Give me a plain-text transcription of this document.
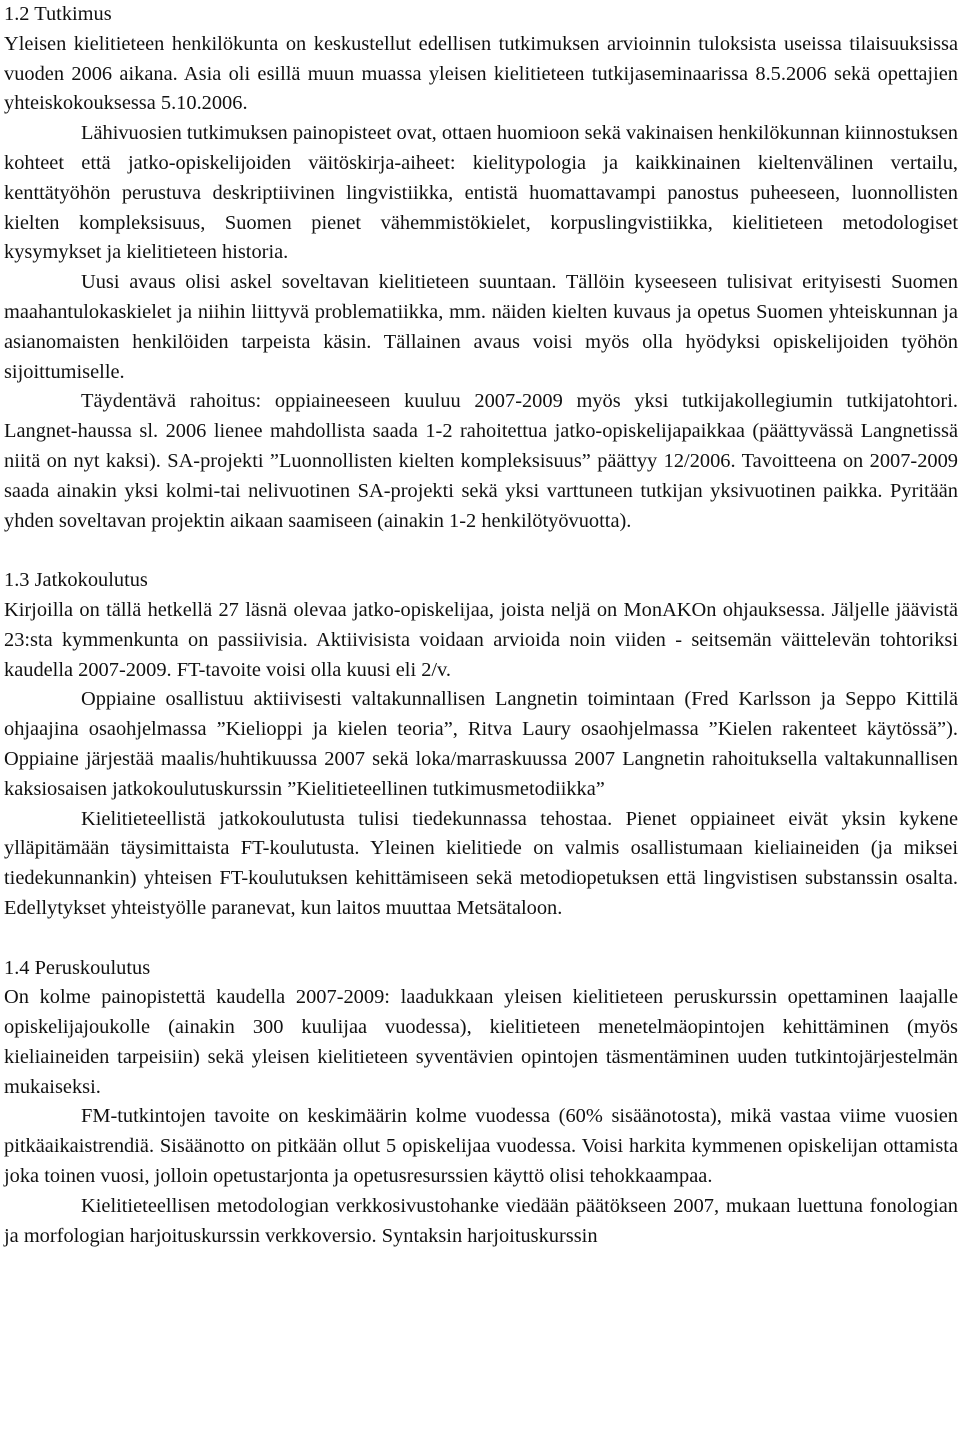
1.2 Tutkimus

Yleisen kielitieteen henkilökunta on keskustellut edellisen tutkimuksen arvioinnin tuloksista useissa tilaisuuksissa vuoden 2006 aikana. Asia oli esillä muun muassa yleisen kielitieteen tutkijaseminaarissa 8.5.2006 sekä opettajien yhteiskokouksessa 5.10.2006.

Lähivuosien tutkimuksen painopisteet ovat, ottaen huomioon sekä vakinaisen henkilökunnan kiinnostuksen kohteet että jatko-opiskelijoiden väitöskirja-aiheet: kielitypologia ja kaikkinainen kieltenvälinen vertailu, kenttätyöhön perustuva deskriptiivinen lingvistiikka, entistä huomattavampi panostus puheeseen, luonnollisten kielten kompleksisuus, Suomen pienet vähemmistökielet, korpuslingvistiikka, kielitieteen metodologiset kysymykset ja kielitieteen historia.

Uusi avaus olisi askel soveltavan kielitieteen suuntaan. Tällöin kyseeseen tulisivat erityisesti Suomen maahantulokaskielet ja niihin liittyvä problematiikka, mm. näiden kielten kuvaus ja opetus Suomen yhteiskunnan ja asianomaisten henkilöiden tarpeista käsin. Tällainen avaus voisi myös olla hyödyksi opiskelijoiden työhön sijoittumiselle.

Täydentävä rahoitus: oppiaineeseen kuuluu 2007-2009 myös yksi tutkijakollegiumin tutkijatohtori. Langnet-haussa sl. 2006 lienee mahdollista saada 1-2 rahoitettua jatko-opiskelijapaikkaa (päättyvässä Langnetissä niitä on nyt kaksi). SA-projekti ”Luonnollisten kielten kompleksisuus” päättyy 12/2006. Tavoitteena on 2007-2009 saada ainakin yksi kolmi-tai nelivuotinen SA-projekti sekä yksi varttuneen tutkijan yksivuotinen paikka. Pyritään yhden soveltavan projektin aikaan saamiseen (ainakin 1-2 henkilötyövuotta).

1.3 Jatkokoulutus

Kirjoilla on tällä hetkellä 27 läsnä olevaa jatko-opiskelijaa, joista neljä on MonAKOn ohjauksessa. Jäljelle jäävistä 23:sta kymmenkunta on passiivisia. Aktiivisista voidaan arvioida noin viiden - seitsemän väittelevän tohtoriksi kaudella 2007-2009. FT-tavoite voisi olla kuusi eli 2/v.

Oppiaine osallistuu aktiivisesti valtakunnallisen Langnetin toimintaan (Fred Karlsson ja Seppo Kittilä ohjaajina osaohjelmassa ”Kielioppi ja kielen teoria”, Ritva Laury osaohjelmassa ”Kielen rakenteet käytössä”). Oppiaine järjestää maalis/huhtikuussa 2007 sekä loka/marraskuussa 2007 Langnetin rahoituksella valtakunnallisen kaksiosaisen jatkokoulutuskurssin ”Kielitieteellinen tutkimusmetodiikka”

Kielitieteellistä jatkokoulutusta tulisi tiedekunnassa tehostaa. Pienet oppiaineet eivät yksin kykene ylläpitämään täysimittaista FT-koulutusta. Yleinen kielitiede on valmis osallistumaan kieliaineiden (ja miksei tiedekunnankin) yhteisen FT-koulutuksen kehittämiseen sekä metodiopetuksen että lingvistisen substanssin osalta. Edellytykset yhteistyölle paranevat, kun laitos muuttaa Metsätaloon.

1.4 Peruskoulutus

On kolme painopistettä kaudella 2007-2009: laadukkaan yleisen kielitieteen peruskurssin opettaminen laajalle opiskelijajoukolle (ainakin 300 kuulijaa vuodessa), kielitieteen menetelmäopintojen kehittäminen (myös kieliaineiden tarpeisiin) sekä yleisen kielitieteen syventävien opintojen täsmentäminen uuden tutkintojärjestelmän mukaiseksi.

FM-tutkintojen tavoite on keskimäärin kolme vuodessa (60% sisäänotosta), mikä vastaa viime vuosien pitkäaikaistrendiä. Sisäänotto on pitkään ollut 5 opiskelijaa vuodessa. Voisi harkita kymmenen opiskelijan ottamista joka toinen vuosi, jolloin opetustarjonta ja opetusresurssien käyttö olisi tehokkaampaa.

Kielitieteellisen metodologian verkkosivustohanke viedään päätökseen 2007, mukaan luettuna fonologian ja morfologian harjoituskurssin verkkoversio. Syntaksin harjoituskurssin
